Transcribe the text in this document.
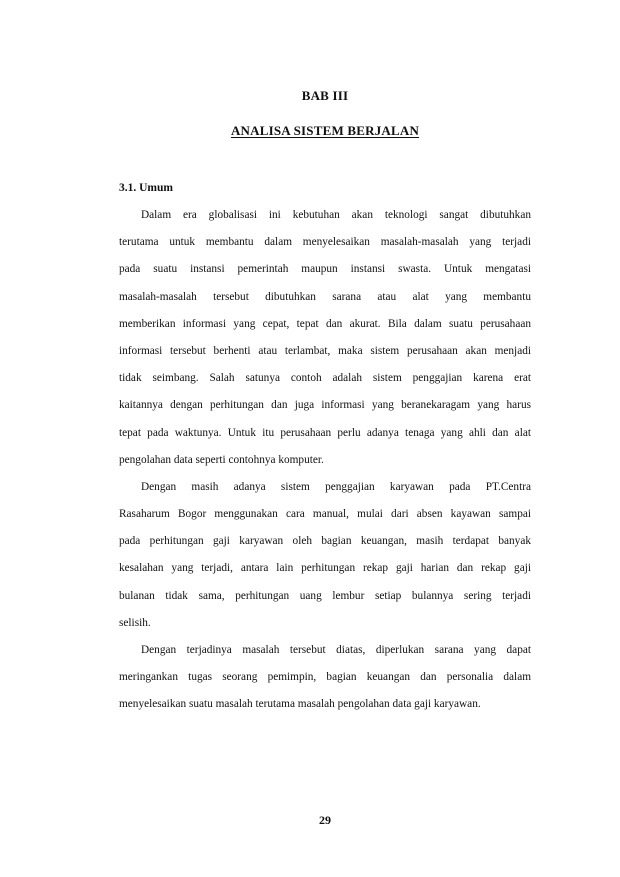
BAB III
ANALISA SISTEM BERJALAN
3.1. Umum
Dalam era globalisasi ini kebutuhan akan teknologi sangat dibutuhkan
terutama untuk membantu dalam menyelesaikan masalah-masalah yang terjadi
pada suatu instansi pemerintah maupun instansi swasta. Untuk mengatasi
masalah-masalah tersebut dibutuhkan sarana atau alat yang membantu
memberikan informasi yang cepat, tepat dan akurat. Bila dalam suatu perusahaan
informasi tersebut berhenti atau terlambat, maka sistem perusahaan akan menjadi
tidak seimbang. Salah satunya contoh adalah sistem penggajian karena erat
kaitannya dengan perhitungan dan juga informasi yang beranekaragam yang harus
tepat pada waktunya. Untuk itu perusahaan perlu adanya tenaga yang ahli dan alat
pengolahan data seperti contohnya komputer.
Dengan masih adanya sistem penggajian karyawan pada PT.Centra
Rasaharum Bogor menggunakan cara manual, mulai dari absen kayawan sampai
pada perhitungan gaji karyawan oleh bagian keuangan, masih terdapat banyak
kesalahan yang terjadi, antara lain perhitungan rekap gaji harian dan rekap gaji
bulanan tidak sama, perhitungan uang lembur setiap bulannya sering terjadi
selisih.
Dengan terjadinya masalah tersebut diatas, diperlukan sarana yang dapat
meringankan tugas seorang pemimpin, bagian keuangan dan personalia dalam
menyelesaikan suatu masalah terutama masalah pengolahan data gaji karyawan.
29
